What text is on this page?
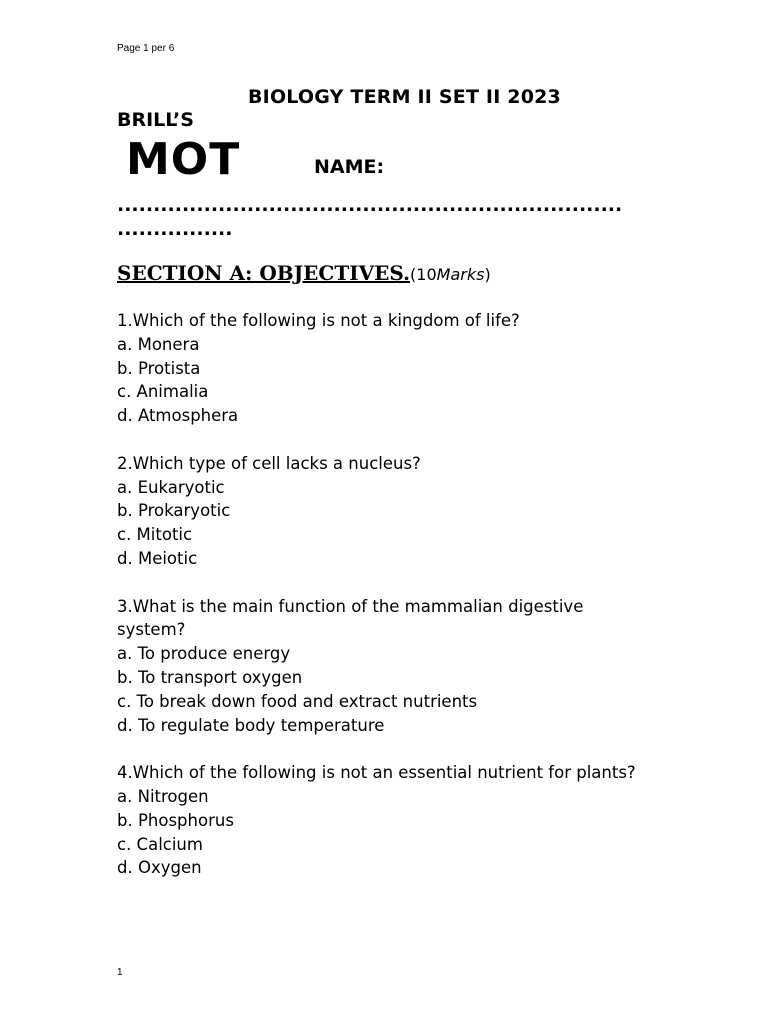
Page 1 per 6
BIOLOGY TERM II SET II 2023
BRILL’S
MOT	NAME:
......................................................................
................
SECTION A: OBJECTIVES.(10Marks)
1.Which of the following is not a kingdom of life?
a. Monera
b. Protista
c. Animalia
d. Atmosphera
2.Which type of cell lacks a nucleus?
a. Eukaryotic
b. Prokaryotic
c. Mitotic
d. Meiotic
3.What is the main function of the mammalian digestive
system?
a. To produce energy
b. To transport oxygen
c. To break down food and extract nutrients
d. To regulate body temperature
4.Which of the following is not an essential nutrient for plants?
a. Nitrogen
b. Phosphorus
c. Calcium
d. Oxygen
1
